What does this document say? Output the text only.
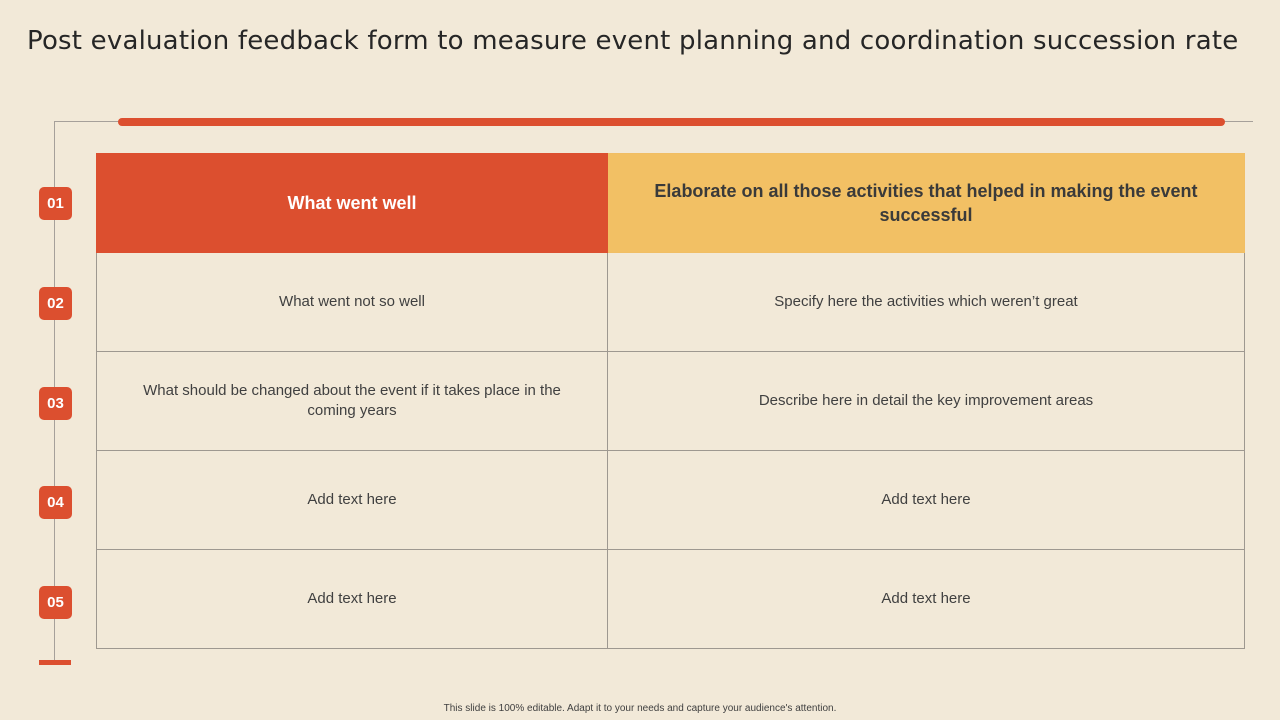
Post evaluation feedback form to measure event planning and coordination succession rate
01
02
03
04
05
What went well	Elaborate on all those activities that helped in making the event successful
What went not so well	Specify here the activities which weren’t great
What should be changed about the event if it takes place in the coming years	Describe here in detail the key improvement areas
Add text here	Add text here
Add text here	Add text here
This slide is 100% editable. Adapt it to your needs and capture your audience's attention.
